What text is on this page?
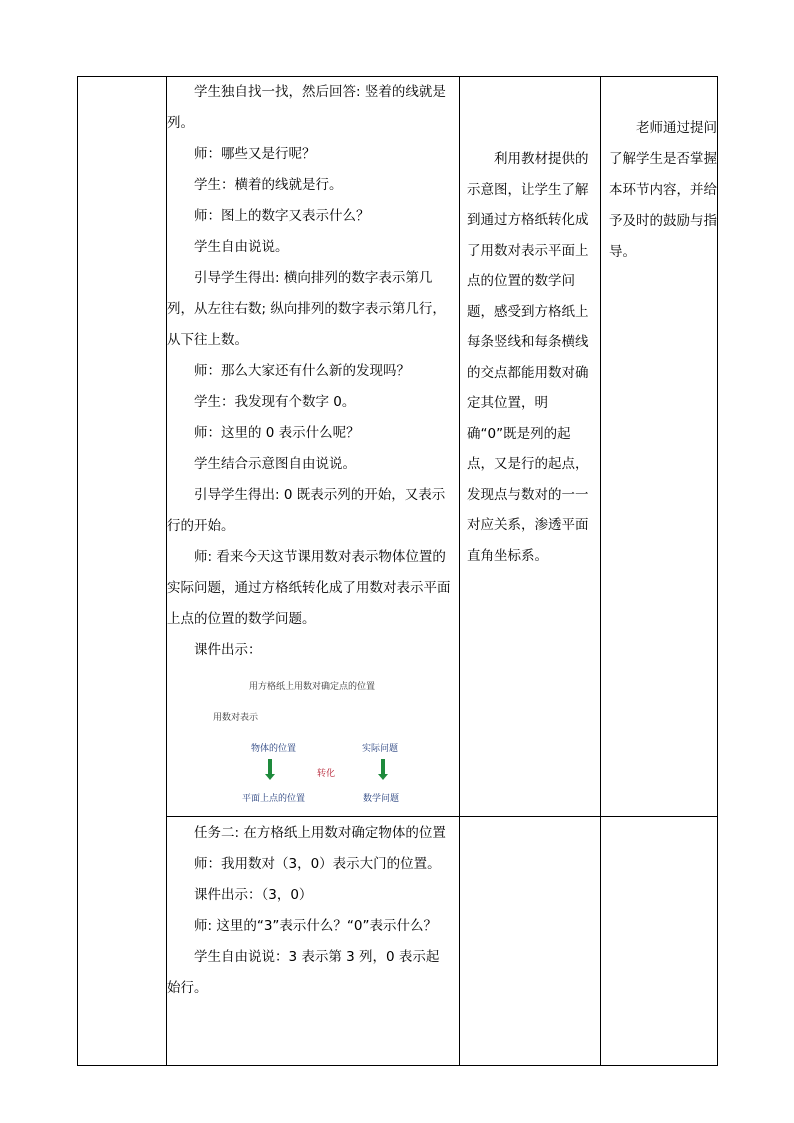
学生独自找一找，然后回答: 竖着的线就是列。

师：哪些又是行呢？

学生：横着的线就是行。

师：图上的数字又表示什么？

学生自由说说。

引导学生得出: 横向排列的数字表示第几列，从左往右数; 纵向排列的数字表示第几行，从下往上数。

师：那么大家还有什么新的发现吗？

学生：我发现有个数字 0。

师：这里的 0 表示什么呢？

学生结合示意图自由说说。

引导学生得出: 0 既表示列的开始，又表示行的开始。

师: 看来今天这节课用数对表示物体位置的实际问题，通过方格纸转化成了用数对表示平面上点的位置的数学问题。

课件出示：

用方格纸上用数对确定点的位置
用数对表示
物体的位置	实际问题
转化
平面上点的位置	数学问题

利用教材提供的示意图，让学生了解到通过方格纸转化成了用数对表示平面上点的位置的数学问题，感受到方格纸上每条竖线和每条横线的交点都能用数对确定其位置，明确“0”既是列的起点，又是行的起点，发现点与数对的一一对应关系，渗透平面直角坐标系。

老师通过提问了解学生是否掌握本环节内容，并给予及时的鼓励与指导。

任务二: 在方格纸上用数对确定物体的位置

师：我用数对（3，0）表示大门的位置。

课件出示：（3，0）

师: 这里的“3”表示什么？“0”表示什么？

学生自由说说：3 表示第 3 列，0 表示起始行。
